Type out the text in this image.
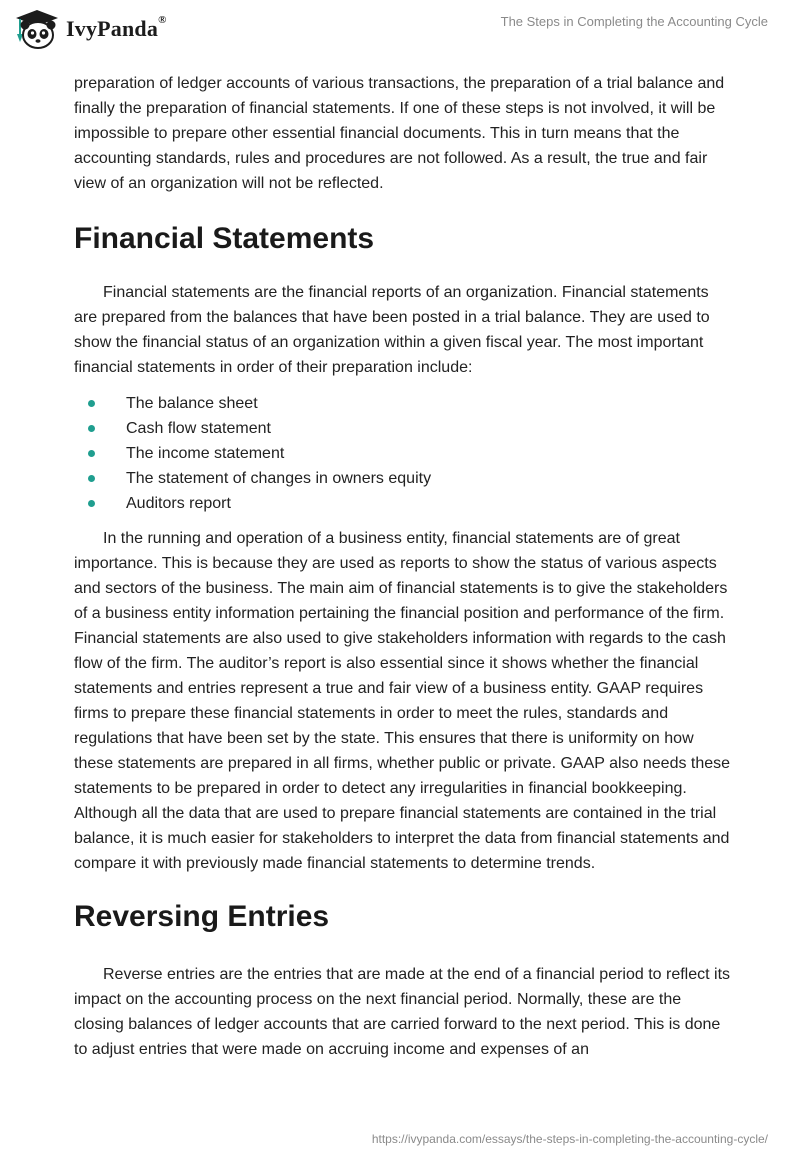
IvyPanda®	The Steps in Completing the Accounting Cycle

preparation of ledger accounts of various transactions, the preparation of a trial balance and finally the preparation of financial statements. If one of these steps is not involved, it will be impossible to prepare other essential financial documents. This in turn means that the accounting standards, rules and procedures are not followed. As a result, the true and fair view of an organization will not be reflected.

Financial Statements

Financial statements are the financial reports of an organization. Financial statements are prepared from the balances that have been posted in a trial balance. They are used to show the financial status of an organization within a given fiscal year. The most important financial statements in order of their preparation include:

The balance sheet
Cash flow statement
The income statement
The statement of changes in owners equity
Auditors report

In the running and operation of a business entity, financial statements are of great importance. This is because they are used as reports to show the status of various aspects and sectors of the business. The main aim of financial statements is to give the stakeholders of a business entity information pertaining the financial position and performance of the firm. Financial statements are also used to give stakeholders information with regards to the cash flow of the firm. The auditor’s report is also essential since it shows whether the financial statements and entries represent a true and fair view of a business entity. GAAP requires firms to prepare these financial statements in order to meet the rules, standards and regulations that have been set by the state. This ensures that there is uniformity on how these statements are prepared in all firms, whether public or private. GAAP also needs these statements to be prepared in order to detect any irregularities in financial bookkeeping. Although all the data that are used to prepare financial statements are contained in the trial balance, it is much easier for stakeholders to interpret the data from financial statements and compare it with previously made financial statements to determine trends.

Reversing Entries

Reverse entries are the entries that are made at the end of a financial period to reflect its impact on the accounting process on the next financial period. Normally, these are the closing balances of ledger accounts that are carried forward to the next period. This is done to adjust entries that were made on accruing income and expenses of an

https://ivypanda.com/essays/the-steps-in-completing-the-accounting-cycle/
